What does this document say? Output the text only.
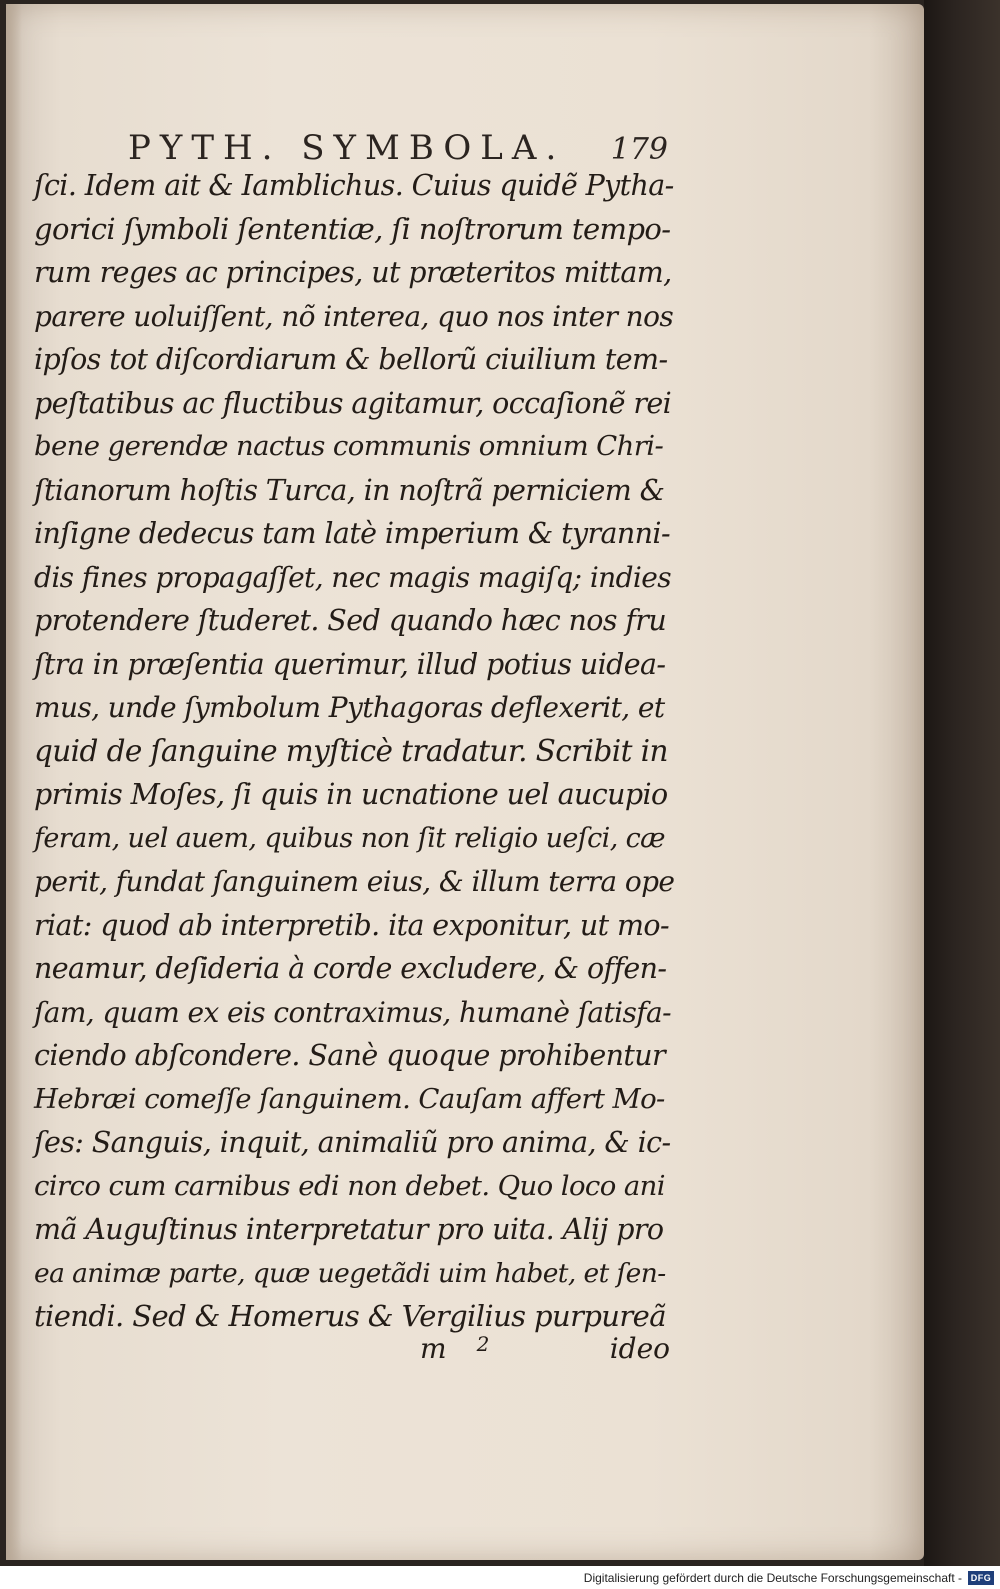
PYTH. SYMBOLA. 179
ſci. Idem ait & Iamblichus. Cuius quidẽ Pytha-
gorici ſymboli ſententiæ, ſi noſtrorum tempo-
rum reges ac principes, ut præteritos mittam,
parere uoluiſſent, nõ interea, quo nos inter nos
ipſos tot diſcordiarum & bellorũ ciuilium tem-
peſtatibus ac fluctibus agitamur, occaſionẽ rei
bene gerendæ nactus communis omnium Chri-
ſtianorum hoſtis Turca, in noſtrã perniciem &
inſigne dedecus tam latè imperium & tyranni-
dis fines propagaſſet, nec magis magiſq; indies
protendere ſtuderet. Sed quando hæc nos fru
ſtra in præſentia querimur, illud potius uidea-
mus, unde ſymbolum Pythagoras deflexerit, et
quid de ſanguine myſticè tradatur. Scribit in
primis Moſes, ſi quis in ucnatione uel aucupio
feram, uel auem, quibus non ſit religio ueſci, cæ
perit, fundat ſanguinem eius, & illum terra ope
riat: quod ab interpretib. ita exponitur, ut mo-
neamur, deſideria à corde excludere, & offen-
ſam, quam ex eis contraximus, humanè ſatisfa-
ciendo abſcondere. Sanè quoque prohibentur
Hebræi comeſſe ſanguinem. Cauſam affert Mo-
ſes: Sanguis, inquit, animaliũ pro anima, & ic-
circo cum carnibus edi non debet. Quo loco ani
mã Auguſtinus interpretatur pro uita. Alij pro
ea animæ parte, quæ uegetãdi uim habet, et ſen-
tiendi. Sed & Homerus & Vergilius purpureã
m 2	ideo
Digitalisierung gefördert durch die Deutsche Forschungsgemeinschaft - DFG
